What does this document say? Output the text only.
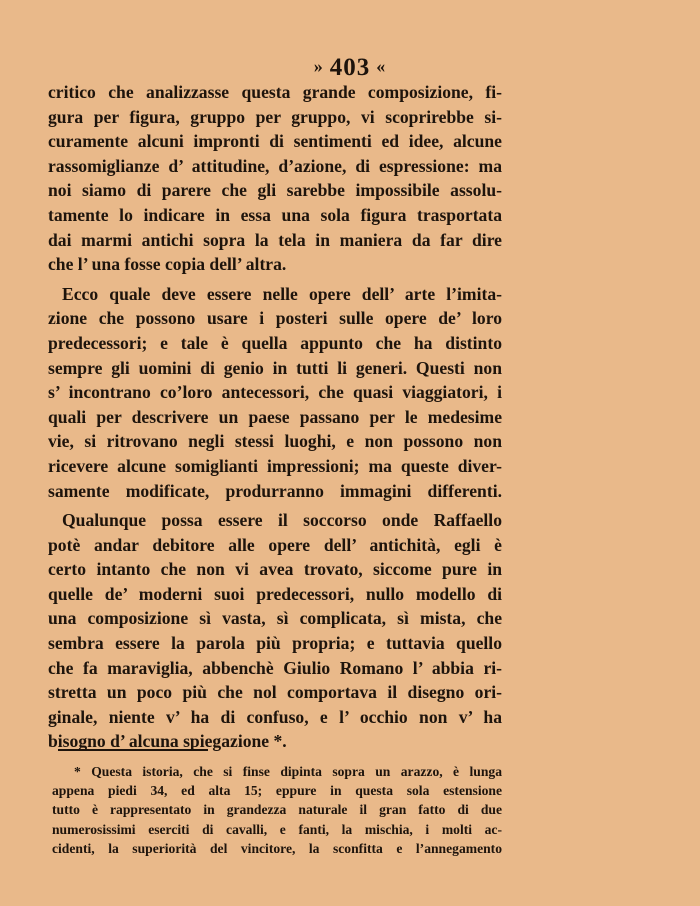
» 403 «
critico che analizzasse questa grande composizione, fi-
gura per figura, gruppo per gruppo, vi scoprirebbe si-
curamente alcuni impronti di sentimenti ed idee, alcune
rassomiglianze d’ attitudine, d’azione, di espressione: ma
noi siamo di parere che gli sarebbe impossibile assolu-
tamente lo indicare in essa una sola figura trasportata
dai marmi antichi sopra la tela in maniera da far dire
che l’ una fosse copia dell’ altra.
Ecco quale deve essere nelle opere dell’ arte l’imita-
zione che possono usare i posteri sulle opere de’ loro
predecessori; e tale è quella appunto che ha distinto
sempre gli uomini di genio in tutti li generi. Questi non
s’ incontrano co’loro antecessori, che quasi viaggiatori, i
quali per descrivere un paese passano per le medesime
vie, si ritrovano negli stessi luoghi, e non possono non
ricevere alcune somiglianti impressioni; ma queste diver-
samente modificate, produrranno immagini differenti.
Qualunque possa essere il soccorso onde Raffaello
potè andar debitore alle opere dell’ antichità, egli è
certo intanto che non vi avea trovato, siccome pure in
quelle de’ moderni suoi predecessori, nullo modello di
una composizione sì vasta, sì complicata, sì mista, che
sembra essere la parola più propria; e tuttavia quello
che fa maraviglia, abbenchè Giulio Romano l’ abbia ri-
stretta un poco più che nol comportava il disegno ori-
ginale, niente v’ ha di confuso, e l’ occhio non v’ ha
bisogno d’ alcuna spiegazione *.
* Questa istoria, che si finse dipinta sopra un arazzo, è lunga
appena piedi 34, ed alta 15; eppure in questa sola estensione
tutto è rappresentato in grandezza naturale il gran fatto di due
numerosissimi eserciti di cavalli, e fanti, la mischia, i molti ac-
cidenti, la superiorità del vincitore, la sconfitta e l’annegamento
